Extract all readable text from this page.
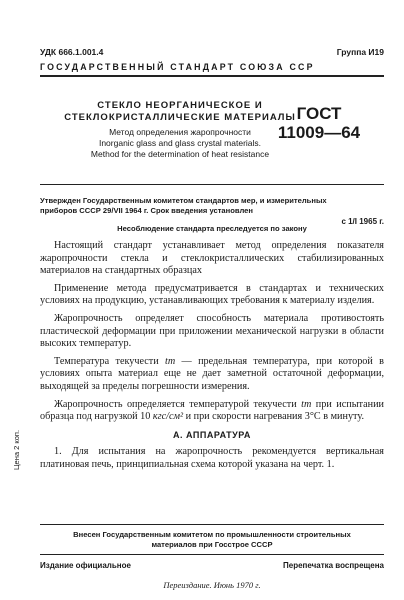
УДК 666.1.001.4	Группа И19
ГОСУДАРСТВЕННЫЙ СТАНДАРТ СОЮЗА ССР
СТЕКЛО НЕОРГАНИЧЕСКОЕ И
СТЕКЛОКРИСТАЛЛИЧЕСКИЕ МАТЕРИАЛЫ
Метод определения жаропрочности
Inorganic glass and glass crystal materials.
Method for the determination of heat resistance
ГОСТ
11009—64
Утвержден Государственным комитетом стандартов мер, и измерительных
приборов СССР 29/VII 1964 г. Срок введения установлен
с 1/I 1965 г.
Несоблюдение стандарта преследуется по закону

Настоящий стандарт устанавливает метод определения показателя жаропрочности стекла и стеклокристаллических стабилизированных материалов на стандартных образцах

Применение метода предусматривается в стандартах и технических условиях на продукцию, устанавливающих требования к материалу изделия.

Жаропрочность определяет способность материала противостоять пластической деформации при приложении механической нагрузки в области высоких температур.

Температура текучести tт — предельная температура, при которой в условиях опыта материал еще не дает заметной остаточной деформации, выходящей за пределы погрешности измерения.

Жаропрочность определяется температурой текучести tт при испытании образца под нагрузкой 10 кгс/см² и при скорости нагревания 3°С в минуту.

А. АППАРАТУРА

1. Для испытания на жаропрочность рекомендуется вертикальная платиновая печь, принципиальная схема которой указана на черт. 1.

Цена 2 коп.
Внесен Государственным комитетом по промышленности строительных
материалов при Госстрое СССР
Издание официальное	Перепечатка воспрещена
Переиздание. Июнь 1970 г.
